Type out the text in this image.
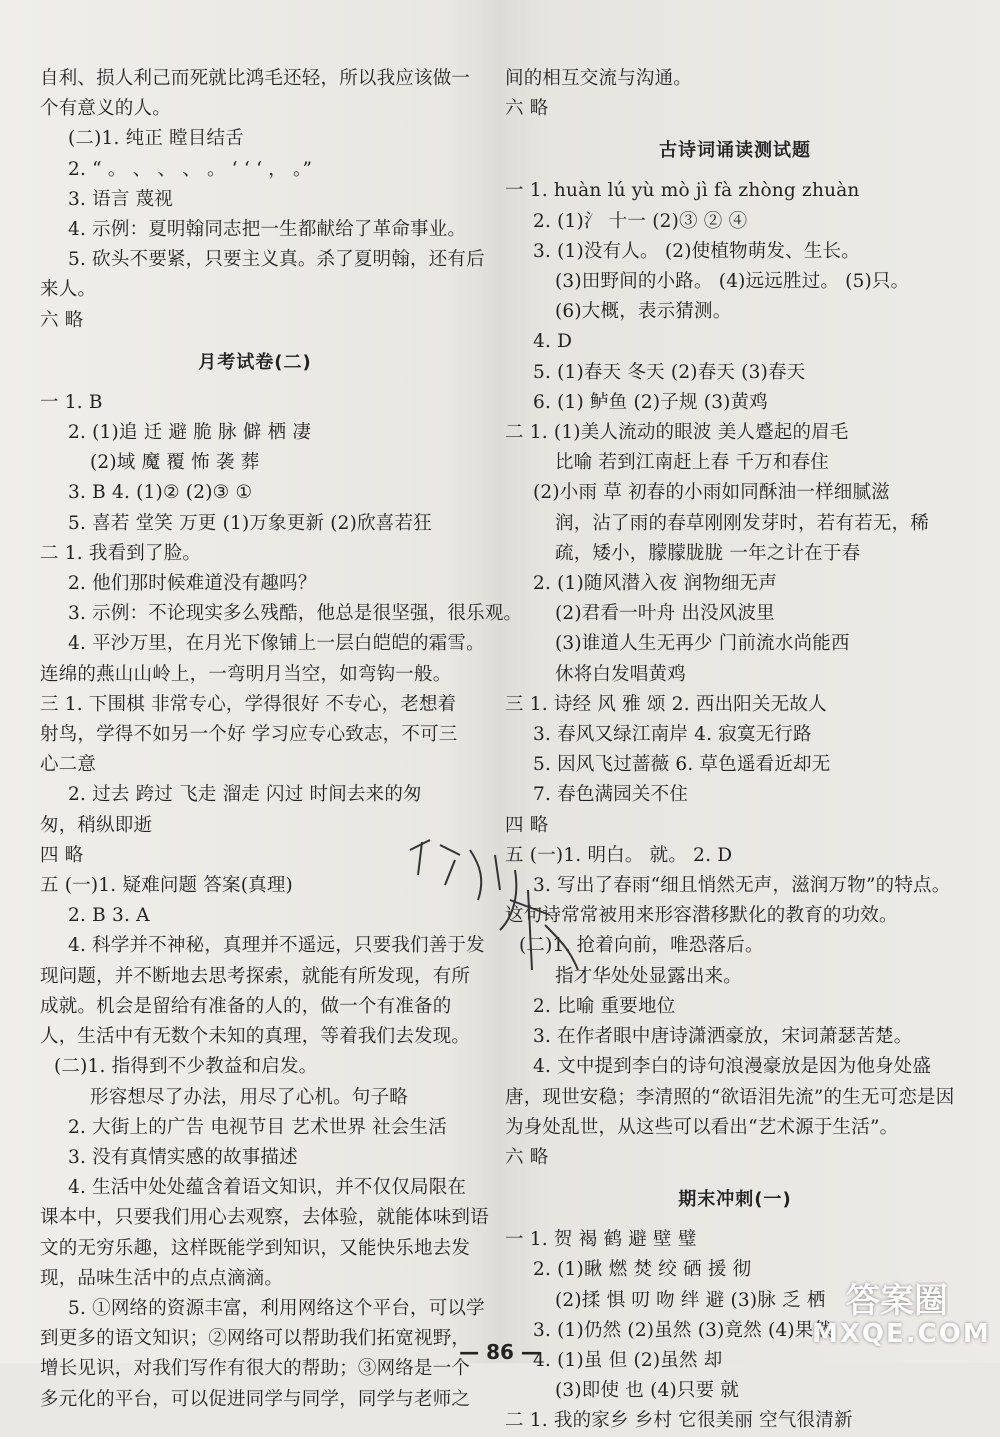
自利、损人利己而死就比鸿毛还轻，所以我应该做一
个有意义的人。
(二)1. 纯正 瞠目结舌
2. “ 。 、 、 、 。 ‘ ‘ ‘ ， 。”
3. 语言 蔑视
4. 示例：夏明翰同志把一生都献给了革命事业。
5. 砍头不要紧，只要主义真。杀了夏明翰，还有后
来人。
六 略
月考试卷(二)
一 1. B
2. (1)追 迁 避 脆 脉 僻 栖 凄
(2)域 魔 覆 怖 袭 葬
3. B 4. (1)② (2)③ ①
5. 喜若 堂笑 万更 (1)万象更新 (2)欣喜若狂
二 1. 我看到了脸。
2. 他们那时候难道没有趣吗？
3. 示例：不论现实多么残酷，他总是很坚强，很乐观。
4. 平沙万里，在月光下像铺上一层白皑皑的霜雪。
连绵的燕山山岭上，一弯明月当空，如弯钩一般。
三 1. 下围棋 非常专心，学得很好 不专心，老想着
射鸟，学得不如另一个好 学习应专心致志，不可三
心二意
2. 过去 跨过 飞走 溜走 闪过 时间去来的匆
匆，稍纵即逝
四 略
五 (一)1. 疑难问题 答案(真理)
2. B 3. A
4. 科学并不神秘，真理并不遥远，只要我们善于发
现问题，并不断地去思考探索，就能有所发现，有所
成就。机会是留给有准备的人的，做一个有准备的
人，生活中有无数个未知的真理，等着我们去发现。
(二)1. 指得到不少教益和启发。
形容想尽了办法，用尽了心机。句子略
2. 大街上的广告 电视节目 艺术世界 社会生活
3. 没有真情实感的故事描述
4. 生活中处处蕴含着语文知识，并不仅仅局限在
课本中，只要我们用心去观察，去体验，就能体味到语
文的无穷乐趣，这样既能学到知识，又能快乐地去发
现，品味生活中的点点滴滴。
5. ①网络的资源丰富，利用网络这个平台，可以学
到更多的语文知识；②网络可以帮助我们拓宽视野，
增长见识，对我们写作有很大的帮助；③网络是一个
多元化的平台，可以促进同学与同学，同学与老师之
间的相互交流与沟通。
六 略
古诗词诵读测试题
一 1. huàn lú yù mò jì fà zhòng zhuàn
2. (1)氵 十一 (2)③ ② ④
3. (1)没有人。 (2)使植物萌发、生长。
(3)田野间的小路。 (4)远远胜过。 (5)只。
(6)大概，表示猜测。
4. D
5. (1)春天 冬天 (2)春天 (3)春天
6. (1) 鲈鱼 (2)子规 (3)黄鸡
二 1. (1)美人流动的眼波 美人蹙起的眉毛
比喻 若到江南赶上春 千万和春住
(2)小雨 草 初春的小雨如同酥油一样细腻滋
润，沾了雨的春草刚刚发芽时，若有若无，稀
疏，矮小，朦朦胧胧 一年之计在于春
2. (1)随风潜入夜 润物细无声
(2)君看一叶舟 出没风波里
(3)谁道人生无再少 门前流水尚能西
休将白发唱黄鸡
三 1. 诗经 风 雅 颂 2. 西出阳关无故人
3. 春风又绿江南岸 4. 寂寞无行路
5. 因风飞过蔷薇 6. 草色遥看近却无
7. 春色满园关不住
四 略
五 (一)1. 明白。 就。 2. D
3. 写出了春雨“细且悄然无声，滋润万物”的特点。
这句诗常常被用来形容潜移默化的教育的功效。
(二)1. 抢着向前，唯恐落后。
指才华处处显露出来。
2. 比喻 重要地位
3. 在作者眼中唐诗潇洒豪放，宋词萧瑟苦楚。
4. 文中提到李白的诗句浪漫豪放是因为他身处盛
唐，现世安稳；李清照的“欲语泪先流”的生无可恋是因
为身处乱世，从这些可以看出“艺术源于生活”。
六 略
期末冲刺(一)
一 1. 贺 褐 鹤 避 壁 璧
2. (1)瞅 燃 焚 绞 硒 援 彻
(2)揉 惧 叨 吻 绊 避 (3)脉 乏 栖
3. (1)仍然 (2)虽然 (3)竟然 (4)果然
4. (1)虽 但 (2)虽然 却
(3)即使 也 (4)只要 就
二 1. 我的家乡 乡村 它很美丽 空气很清新
— 86 —
答案圈
MXQE.COM
